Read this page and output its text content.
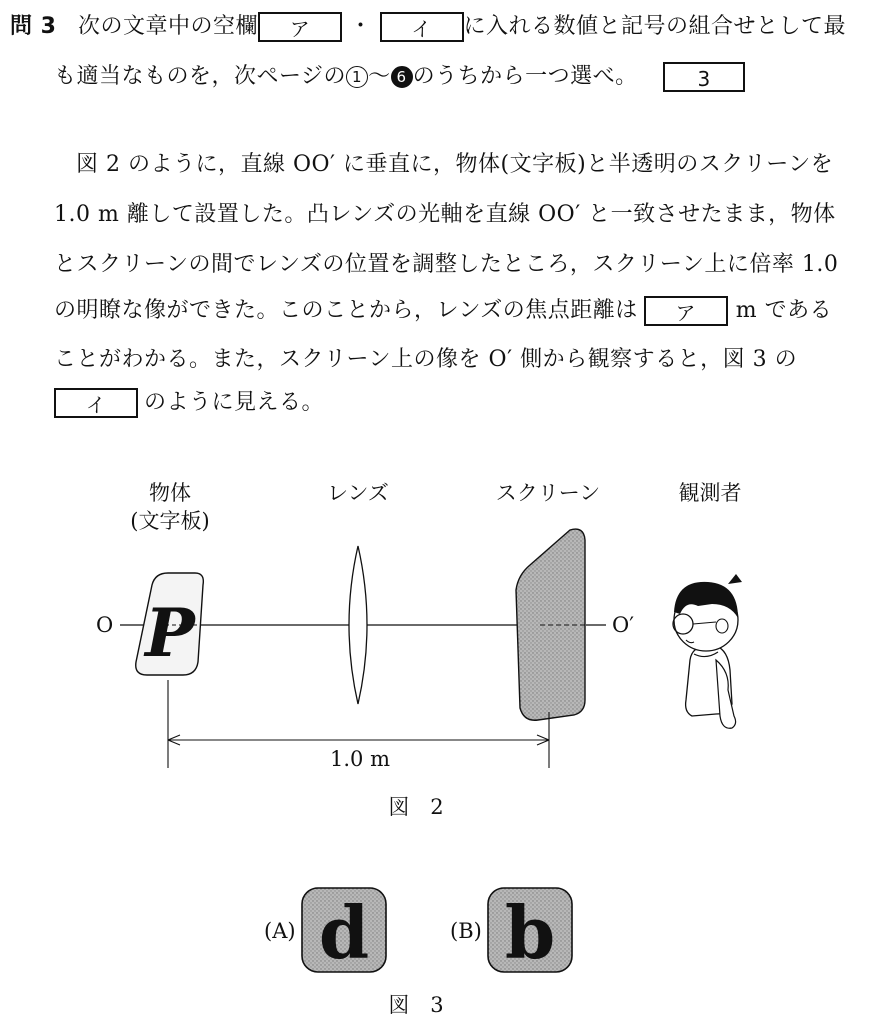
問 3 次の文章中の空欄 ア ・ イ に入れる数値と記号の組合せとして最
も適当なものを，次ページの 1 〜 6 のうちから一つ選べ。	3
図 2 のように，直線 OO′ に垂直に，物体(文字板)と半透明のスクリーンを
1.0 m 離して設置した。凸レンズの光軸を直線 OO′ と一致させたまま，物体
とスクリーンの間でレンズの位置を調整したところ，スクリーン上に倍率 1.0
の明瞭な像ができた。このことから，レンズの焦点距離は ア m である
ことがわかる。また，スクリーン上の像を O′ 側から観察すると，図 3 の
イ のように見える。
物体
(文字板)
レンズ	スクリーン	観測者
O	O′
P
1.0 m
図　2
(A) d	(B) b
図　3
